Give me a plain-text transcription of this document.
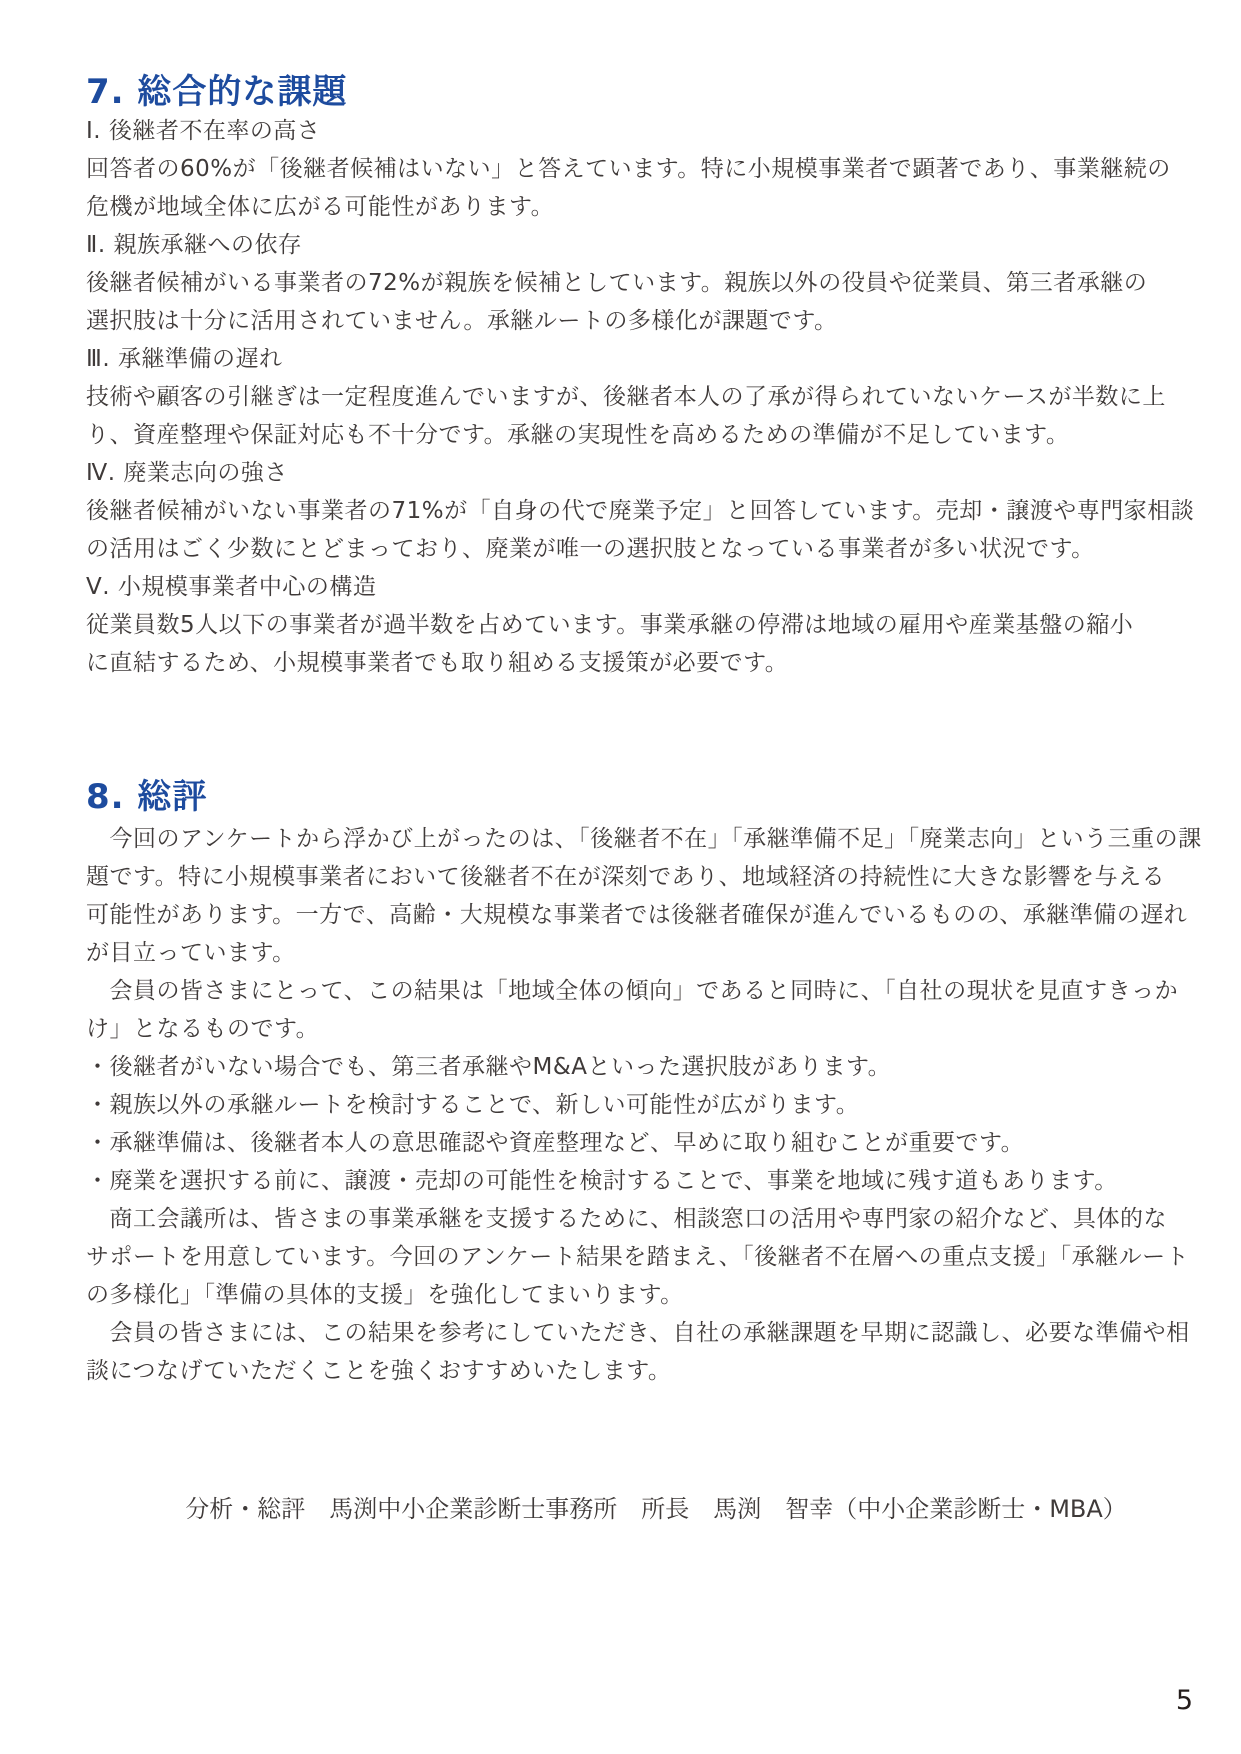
7. 総合的な課題
Ⅰ. 後継者不在率の高さ
回答者の60%が「後継者候補はいない」と答えています。特に小規模事業者で顕著であり、事業継続の
危機が地域全体に広がる可能性があります。
Ⅱ. 親族承継への依存
後継者候補がいる事業者の72%が親族を候補としています。親族以外の役員や従業員、第三者承継の
選択肢は十分に活用されていません。承継ルートの多様化が課題です。
Ⅲ. 承継準備の遅れ
技術や顧客の引継ぎは一定程度進んでいますが、後継者本人の了承が得られていないケースが半数に上
り、資産整理や保証対応も不十分です。承継の実現性を高めるための準備が不足しています。
Ⅳ. 廃業志向の強さ
後継者候補がいない事業者の71%が「自身の代で廃業予定」と回答しています。売却・譲渡や専門家相談
の活用はごく少数にとどまっており、廃業が唯一の選択肢となっている事業者が多い状況です。
Ⅴ. 小規模事業者中心の構造
従業員数5人以下の事業者が過半数を占めています。事業承継の停滞は地域の雇用や産業基盤の縮小
に直結するため、小規模事業者でも取り組める支援策が必要です。
8. 総評
　今回のアンケートから浮かび上がったのは、「後継者不在」「承継準備不足」「廃業志向」という三重の課
題です。特に小規模事業者において後継者不在が深刻であり、地域経済の持続性に大きな影響を与える
可能性があります。一方で、高齢・大規模な事業者では後継者確保が進んでいるものの、承継準備の遅れ
が目立っています。
　会員の皆さまにとって、この結果は「地域全体の傾向」であると同時に、「自社の現状を見直すきっか
け」となるものです。
・後継者がいない場合でも、第三者承継やM&Aといった選択肢があります。
・親族以外の承継ルートを検討することで、新しい可能性が広がります。
・承継準備は、後継者本人の意思確認や資産整理など、早めに取り組むことが重要です。
・廃業を選択する前に、譲渡・売却の可能性を検討することで、事業を地域に残す道もあります。
　商工会議所は、皆さまの事業承継を支援するために、相談窓口の活用や専門家の紹介など、具体的な
サポートを用意しています。今回のアンケート結果を踏まえ、「後継者不在層への重点支援」「承継ルート
の多様化」「準備の具体的支援」を強化してまいります。
　会員の皆さまには、この結果を参考にしていただき、自社の承継課題を早期に認識し、必要な準備や相
談につなげていただくことを強くおすすめいたします。
分析・総評　馬渕中小企業診断士事務所　所長　馬渕　智幸（中小企業診断士・MBA）
5
